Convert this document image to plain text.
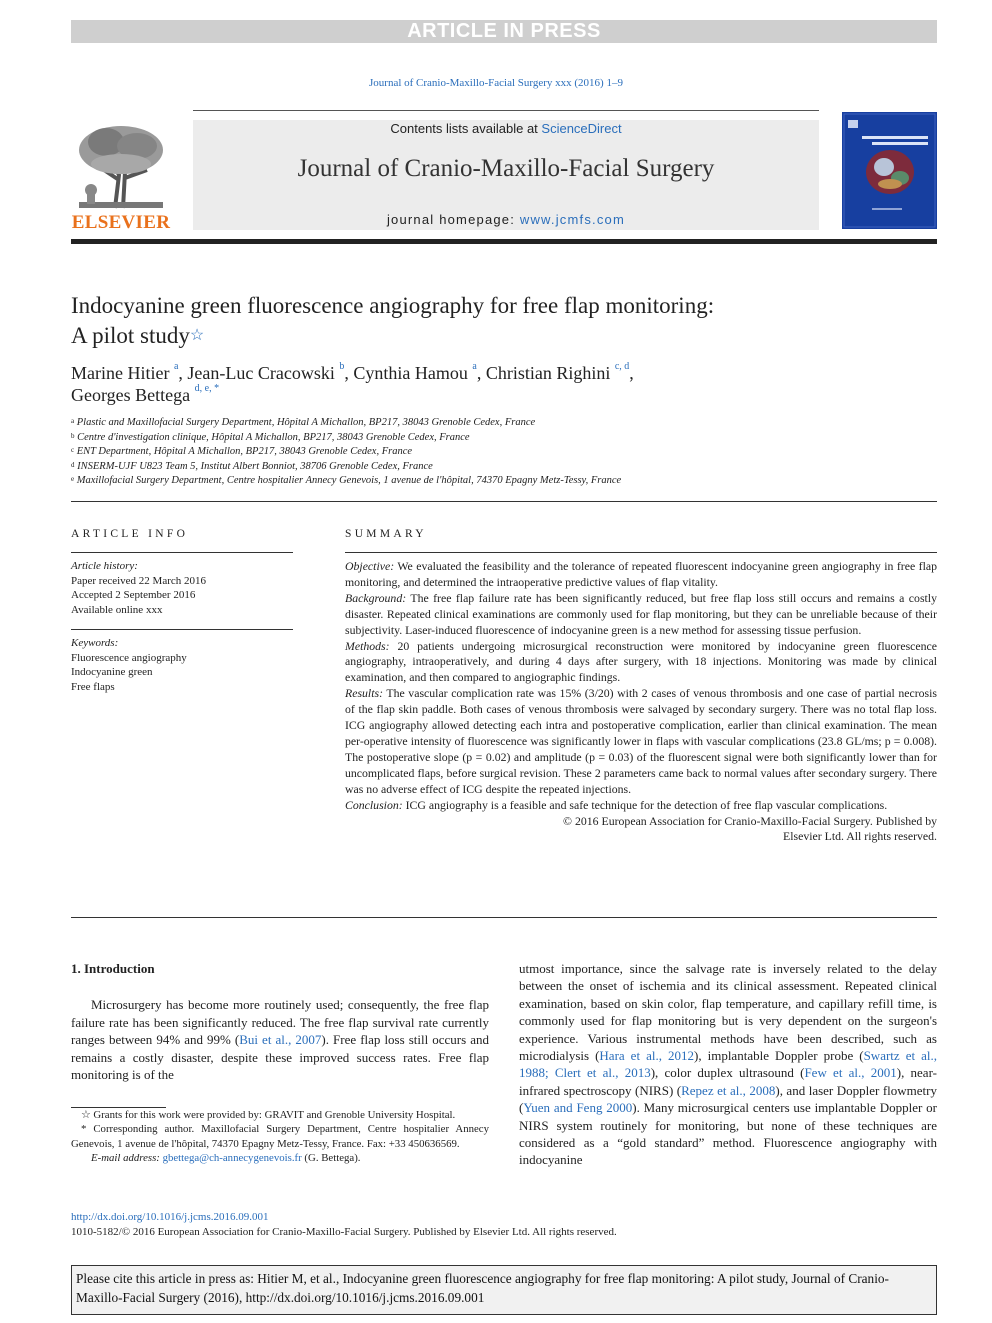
ARTICLE IN PRESS
Journal of Cranio-Maxillo-Facial Surgery xxx (2016) 1–9
ELSEVIER
Contents lists available at ScienceDirect
Journal of Cranio-Maxillo-Facial Surgery
journal homepage: www.jcmfs.com
Indocyanine green fluorescence angiography for free flap monitoring:
A pilot study☆
Marine Hitier $^a$, Jean-Luc Cracowski $^b$, Cynthia Hamou $^a$, Christian Righini $^{c, d}$,
Georges Bettega $^{d, e, *}$
$^a$ Plastic and Maxillofacial Surgery Department, Hôpital A Michallon, BP217, 38043 Grenoble Cedex, France
$^b$ Centre d'investigation clinique, Hôpital A Michallon, BP217, 38043 Grenoble Cedex, France
$^c$ ENT Department, Hôpital A Michallon, BP217, 38043 Grenoble Cedex, France
$^d$ INSERM-UJF U823 Team 5, Institut Albert Bonniot, 38706 Grenoble Cedex, France
$^e$ Maxillofacial Surgery Department, Centre hospitalier Annecy Genevois, 1 avenue de l'hôpital, 74370 Epagny Metz-Tessy, France
ARTICLE INFO	SUMMARY
Article history:
Paper received 22 March 2016
Accepted 2 September 2016
Available online xxx
Keywords:
Fluorescence angiography
Indocyanine green
Free flaps

Objective: We evaluated the feasibility and the tolerance of repeated fluorescent indocyanine green angiography in free flap monitoring, and determined the intraoperative predictive values of flap vitality.

Background: The free flap failure rate has been significantly reduced, but free flap loss still occurs and remains a costly disaster. Repeated clinical examinations are commonly used for flap monitoring, but they can be unreliable because of their subjectivity. Laser-induced fluorescence of indocyanine green is a new method for assessing tissue perfusion.

Methods: 20 patients undergoing microsurgical reconstruction were monitored by indocyanine green fluorescence angiography, intraoperatively, and during 4 days after surgery, with 18 injections. Monitoring was made by clinical examination, and then compared to angiographic findings.

Results: The vascular complication rate was 15% (3/20) with 2 cases of venous thrombosis and one case of partial necrosis of the flap skin paddle. Both cases of venous thrombosis were salvaged by secondary surgery. There was no total flap loss. ICG angiography allowed detecting each intra and postoperative complication, earlier than clinical examination. The mean per-operative intensity of fluorescence was significantly lower in flaps with vascular complications (23.8 GL/ms; p = 0.008). The postoperative slope (p = 0.02) and amplitude (p = 0.03) of the fluorescent signal were both significantly lower than for uncomplicated flaps, before surgical revision. These 2 parameters came back to normal values after secondary surgery. There was no adverse effect of ICG despite the repeated injections.

Conclusion: ICG angiography is a feasible and safe technique for the detection of free flap vascular complications.

© 2016 European Association for Cranio-Maxillo-Facial Surgery. Published by Elsevier Ltd. All rights reserved.

1. Introduction

Microsurgery has become more routinely used; consequently, the free flap failure rate has been significantly reduced. The free flap survival rate currently ranges between 94% and 99% (Bui et al., 2007). Free flap loss still occurs and remains a costly disaster, despite these improved success rates. Free flap monitoring is of the

☆ Grants for this work were provided by: GRAVIT and Grenoble University Hospital.

* Corresponding author. Maxillofacial Surgery Department, Centre hospitalier Annecy Genevois, 1 avenue de l'hôpital, 74370 Epagny Metz-Tessy, France. Fax: +33 450636569.

E-mail address: gbettega@ch-annecygenevois.fr (G. Bettega).

utmost importance, since the salvage rate is inversely related to the delay between the onset of ischemia and its clinical assessment. Repeated clinical examination, based on skin color, flap temperature, and capillary refill time, is commonly used for flap monitoring but is very dependent on the surgeon's experience. Various instrumental methods have been described, such as microdialysis (Hara et al., 2012), implantable Doppler probe (Swartz et al., 1988; Clert et al., 2013), color duplex ultrasound (Few et al., 2001), near-infrared spectroscopy (NIRS) (Repez et al., 2008), and laser Doppler flowmetry (Yuen and Feng 2000). Many microsurgical centers use implantable Doppler or NIRS system routinely for monitoring, but none of these techniques are considered as a “gold standard” method. Fluorescence angiography with indocyanine

http://dx.doi.org/10.1016/j.jcms.2016.09.001
1010-5182/© 2016 European Association for Cranio-Maxillo-Facial Surgery. Published by Elsevier Ltd. All rights reserved.
Please cite this article in press as: Hitier M, et al., Indocyanine green fluorescence angiography for free flap monitoring: A pilot study, Journal of Cranio-Maxillo-Facial Surgery (2016), http://dx.doi.org/10.1016/j.jcms.2016.09.001
